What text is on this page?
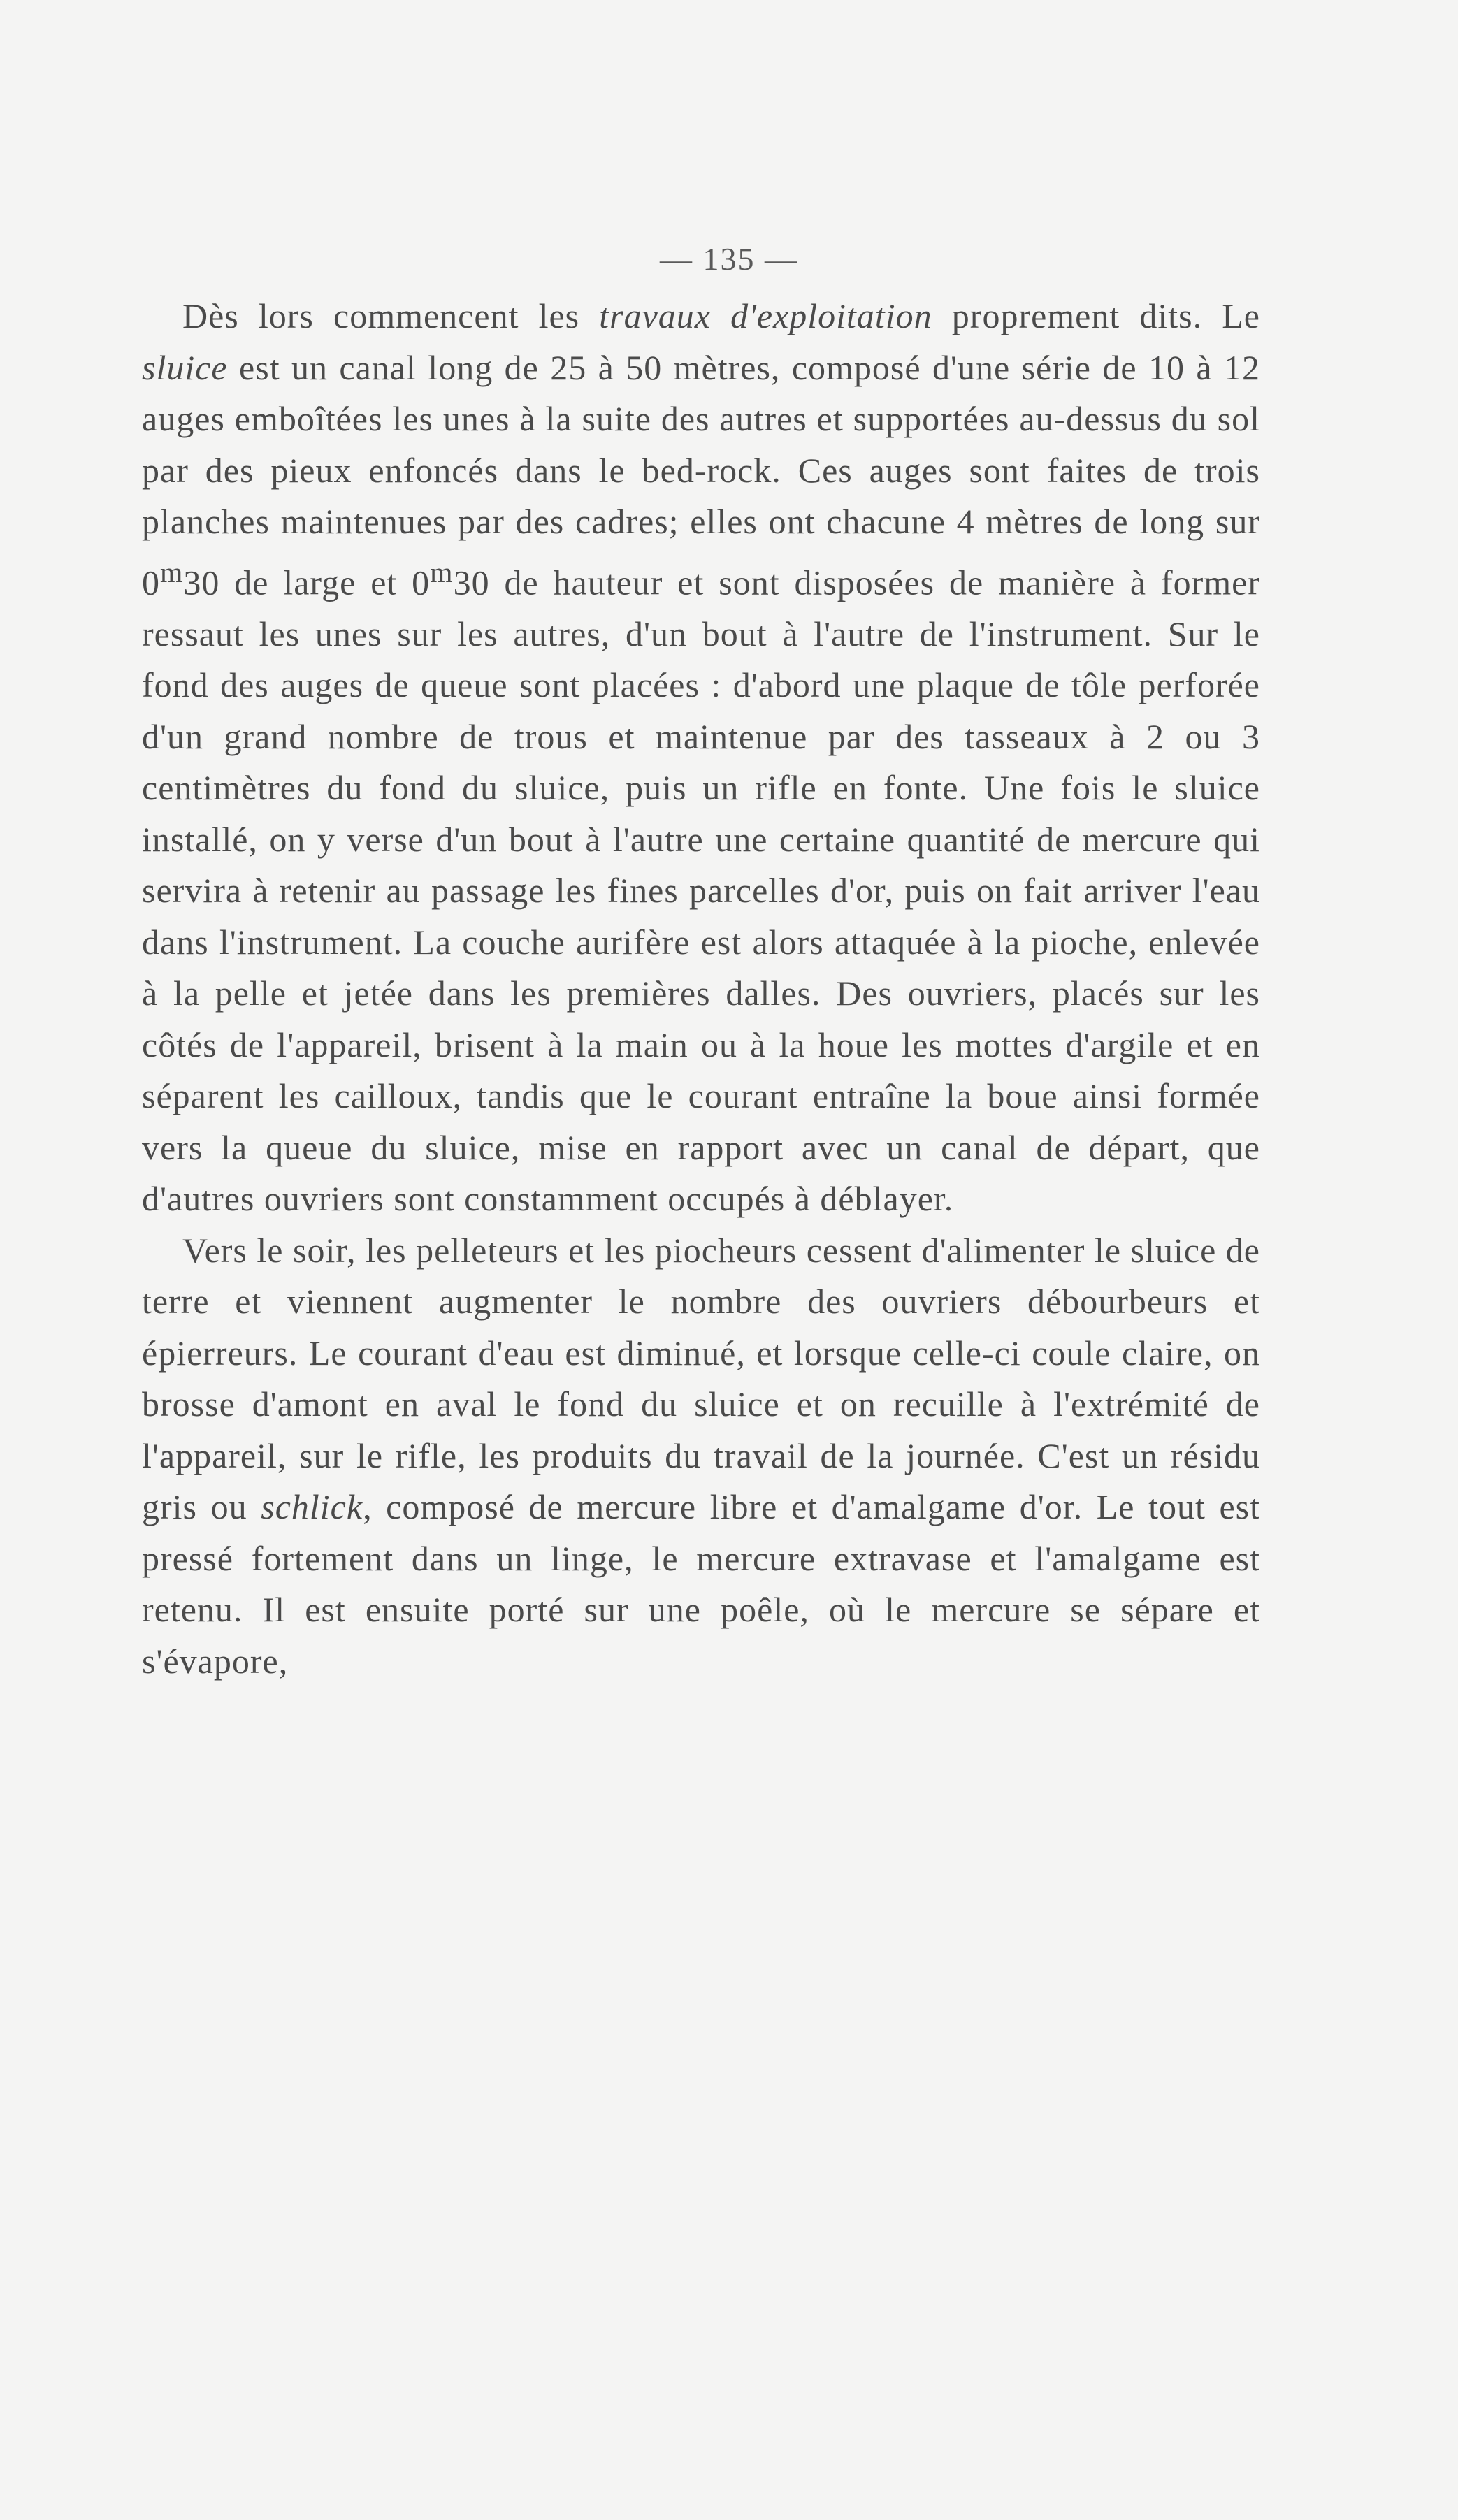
— 135 —

Dès lors commencent les travaux d'exploitation proprement dits. Le sluice est un canal long de 25 à 50 mètres, composé d'une série de 10 à 12 auges emboîtées les unes à la suite des autres et supportées au-dessus du sol par des pieux enfoncés dans le bed-rock. Ces auges sont faites de trois planches maintenues par des cadres; elles ont chacune 4 mètres de long sur 0$^m$30 de large et 0$^m$30 de hauteur et sont disposées de manière à former ressaut les unes sur les autres, d'un bout à l'autre de l'instrument. Sur le fond des auges de queue sont placées : d'abord une plaque de tôle perforée d'un grand nombre de trous et maintenue par des tasseaux à 2 ou 3 centimètres du fond du sluice, puis un rifle en fonte. Une fois le sluice installé, on y verse d'un bout à l'autre une certaine quantité de mercure qui servira à retenir au passage les fines parcelles d'or, puis on fait arriver l'eau dans l'instrument. La couche aurifère est alors attaquée à la pioche, enlevée à la pelle et jetée dans les premières dalles. Des ouvriers, placés sur les côtés de l'appareil, brisent à la main ou à la houe les mottes d'argile et en séparent les cailloux, tandis que le courant entraîne la boue ainsi formée vers la queue du sluice, mise en rapport avec un canal de départ, que d'autres ouvriers sont constamment occupés à déblayer.

Vers le soir, les pelleteurs et les piocheurs cessent d'alimenter le sluice de terre et viennent augmenter le nombre des ouvriers débourbeurs et épierreurs. Le courant d'eau est diminué, et lorsque celle-ci coule claire, on brosse d'amont en aval le fond du sluice et on recuille à l'extrémité de l'appareil, sur le rifle, les produits du travail de la journée. C'est un résidu gris ou schlick, composé de mercure libre et d'amalgame d'or. Le tout est pressé fortement dans un linge, le mercure extravase et l'amalgame est retenu. Il est ensuite porté sur une poêle, où le mercure se sépare et s'évapore,
